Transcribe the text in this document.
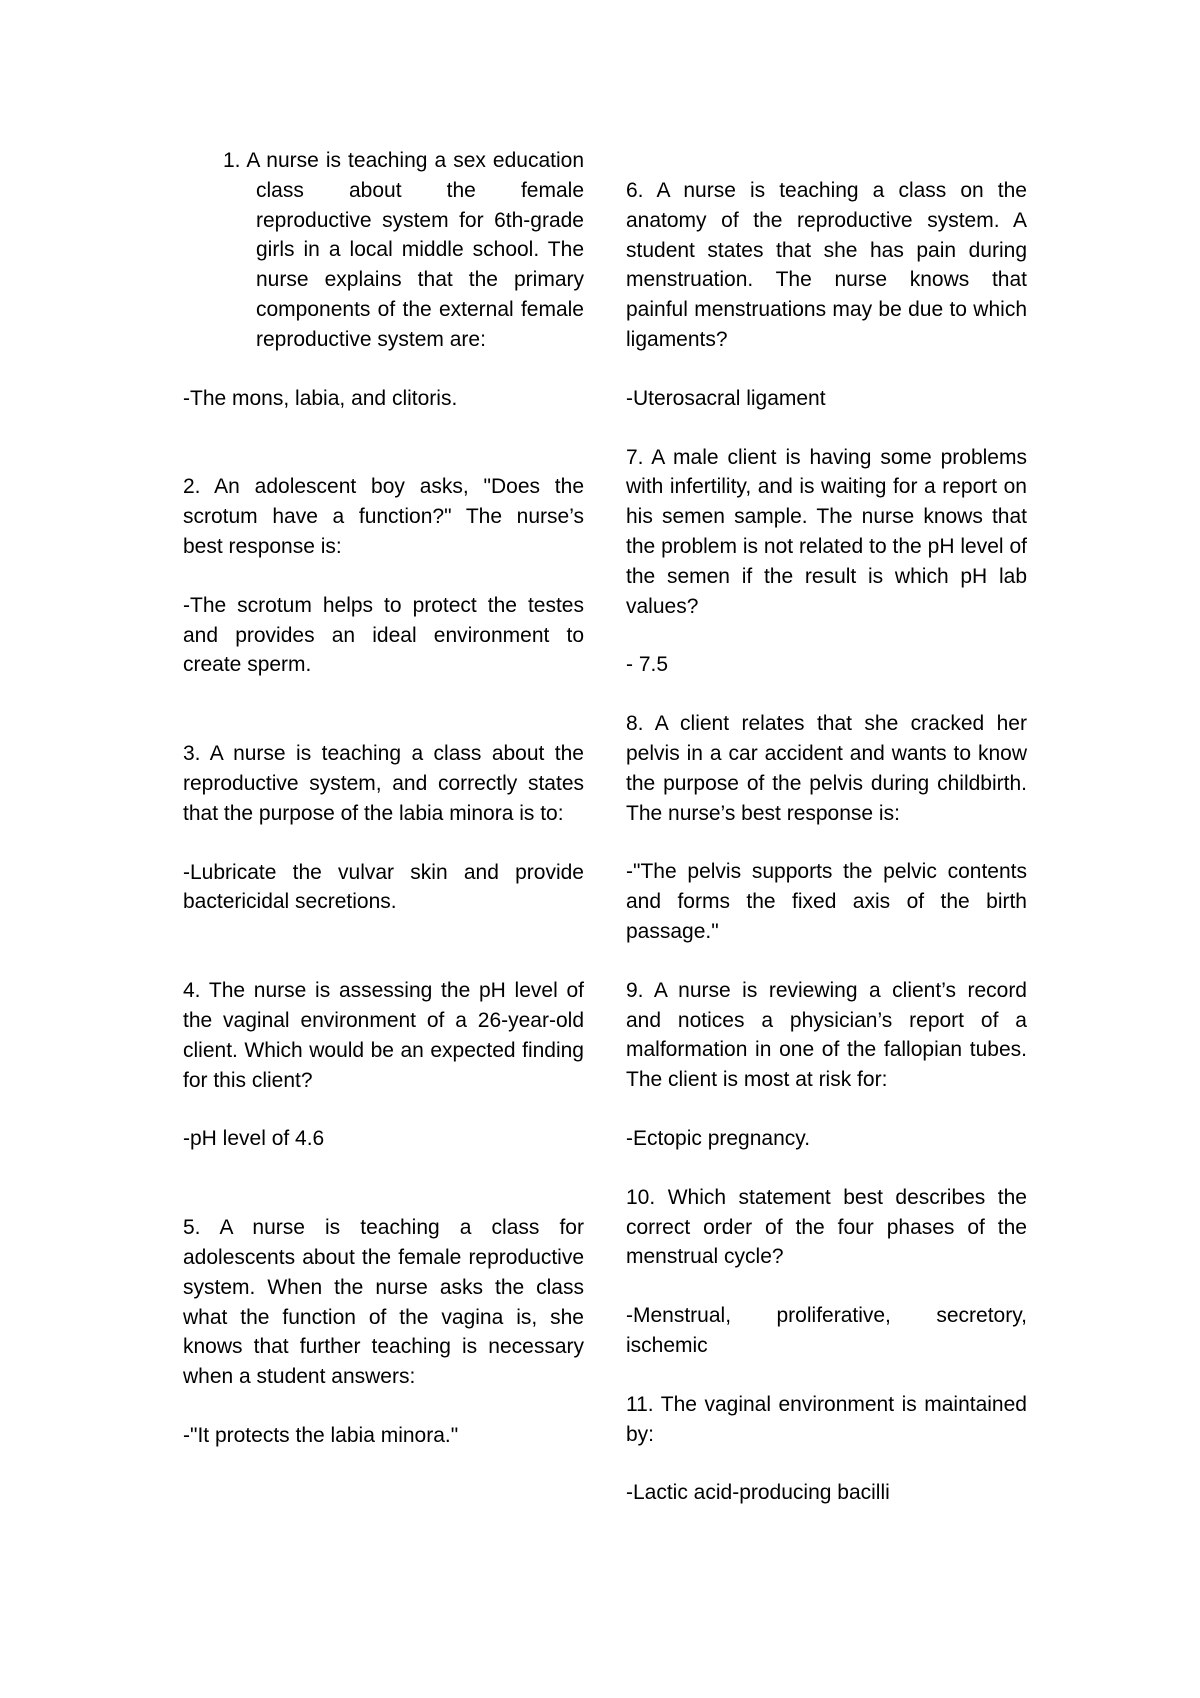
1. A nurse is teaching a sex education class about the female reproductive system for 6th-grade girls in a local middle school. The nurse explains that the primary components of the external female reproductive system are:

-The mons, labia, and clitoris.

2. An adolescent boy asks, "Does the scrotum have a function?" The nurse’s best response is:

-The scrotum helps to protect the testes and provides an ideal environment to create sperm.

3. A nurse is teaching a class about the reproductive system, and correctly states that the purpose of the labia minora is to:

-Lubricate the vulvar skin and provide bactericidal secretions.

4. The nurse is assessing the pH level of the vaginal environment of a 26-year-old client. Which would be an expected finding for this client?

-pH level of 4.6

5. A nurse is teaching a class for adolescents about the female reproductive system. When the nurse asks the class what the function of the vagina is, she knows that further teaching is necessary when a student answers:

-"It protects the labia minora."

6. A nurse is teaching a class on the anatomy of the reproductive system. A student states that she has pain during menstruation. The nurse knows that painful menstruations may be due to which ligaments?

-Uterosacral ligament

7. A male client is having some problems with infertility, and is waiting for a report on his semen sample. The nurse knows that the problem is not related to the pH level of the semen if the result is which pH lab values?

- 7.5

8. A client relates that she cracked her pelvis in a car accident and wants to know the purpose of the pelvis during childbirth. The nurse’s best response is:

-"The pelvis supports the pelvic contents and forms the fixed axis of the birth passage."

9. A nurse is reviewing a client’s record and notices a physician’s report of a malformation in one of the fallopian tubes. The client is most at risk for:

-Ectopic pregnancy.

10. Which statement best describes the correct order of the four phases of the menstrual cycle?

-Menstrual, proliferative, secretory, ischemic

11. The vaginal environment is maintained by:

-Lactic acid-producing bacilli
